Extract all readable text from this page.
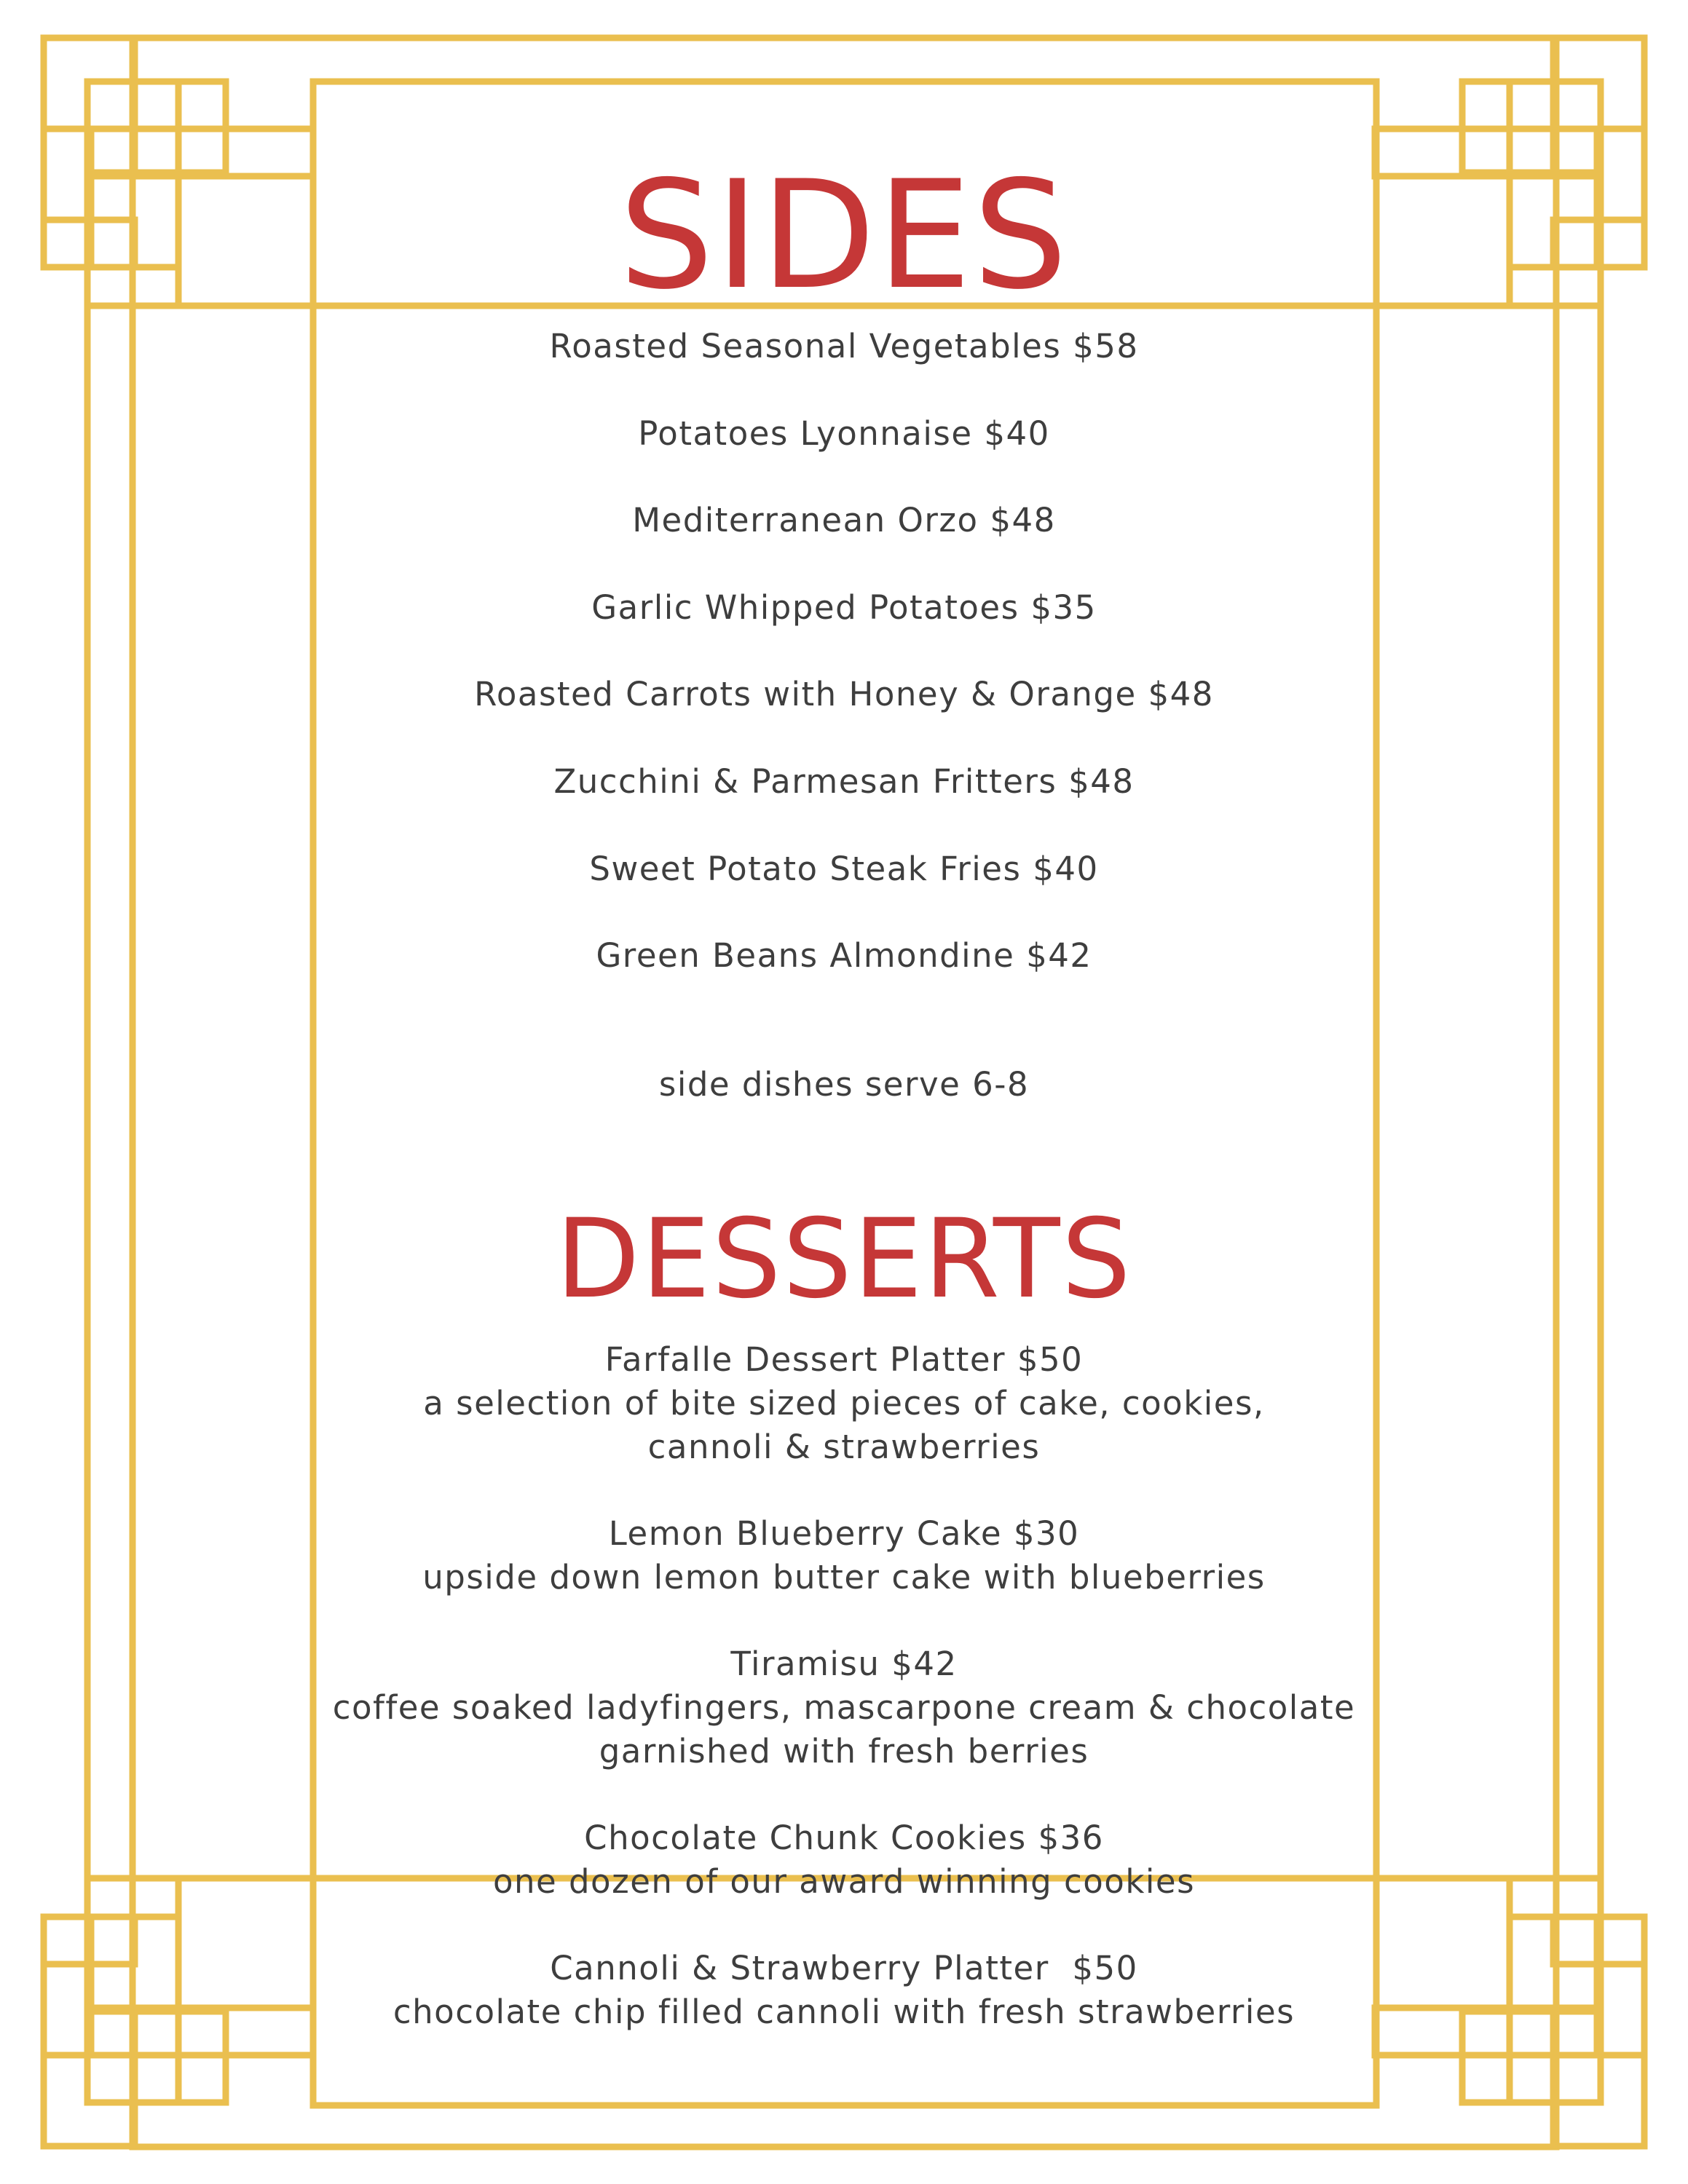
SIDES
Roasted Seasonal Vegetables $58
Potatoes Lyonnaise $40
Mediterranean Orzo $48
Garlic Whipped Potatoes $35
Roasted Carrots with Honey & Orange $48
Zucchini & Parmesan Fritters $48
Sweet Potato Steak Fries $40
Green Beans Almondine $42
side dishes serve 6-8
DESSERTS
Farfalle Dessert Platter $50
a selection of bite sized pieces of cake, cookies,
cannoli & strawberries
Lemon Blueberry Cake $30
upside down lemon butter cake with blueberries
Tiramisu $42
coffee soaked ladyfingers, mascarpone cream & chocolate
garnished with fresh berries
Chocolate Chunk Cookies $36
one dozen of our award winning cookies
Cannoli & Strawberry Platter  $50
chocolate chip filled cannoli with fresh strawberries
